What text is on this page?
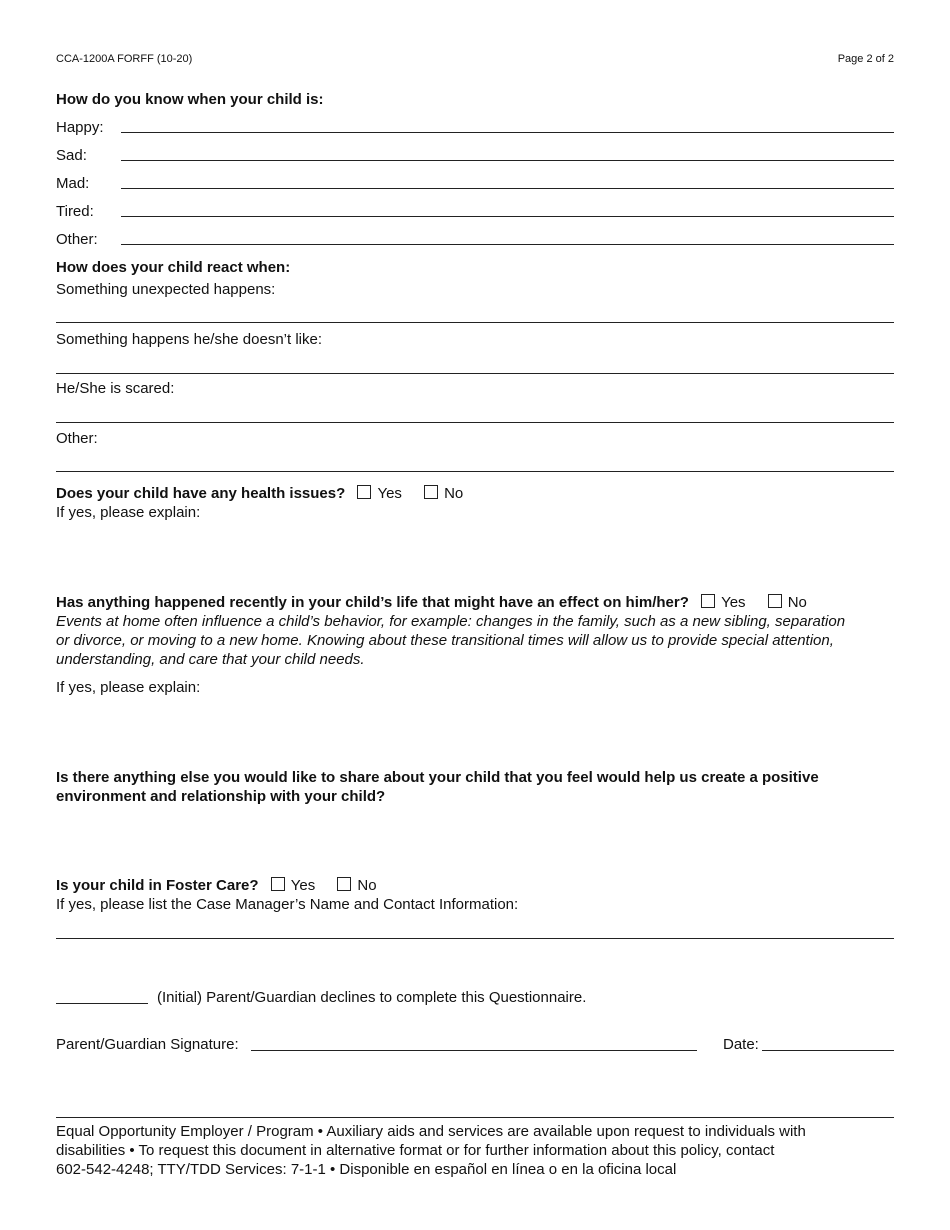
CCA-1200A FORFF (10-20)	Page 2 of 2
How do you know when your child is:
Happy:
Sad:
Mad:
Tired:
Other:
How does your child react when:
Something unexpected happens:
Something happens he/she doesn’t like:
He/She is scared:
Other:
Does your child have any health issues? Yes	No
If yes, please explain:
Has anything happened recently in your child’s life that might have an effect on him/her? Yes	No
Events at home often influence a child’s behavior, for example: changes in the family, such as a new sibling, separation
or divorce, or moving to a new home. Knowing about these transitional times will allow us to provide special attention,
understanding, and care that your child needs.
If yes, please explain:
Is there anything else you would like to share about your child that you feel would help us create a positive
environment and relationship with your child?
Is your child in Foster Care? Yes	No
If yes, please list the Case Manager’s Name and Contact Information:
(Initial) Parent/Guardian declines to complete this Questionnaire.
Parent/Guardian Signature:	Date:
Equal Opportunity Employer / Program • Auxiliary aids and services are available upon request to individuals with
disabilities • To request this document in alternative format or for further information about this policy, contact
602-542-4248; TTY/TDD Services: 7-1-1 • Disponible en español en línea o en la oficina local
